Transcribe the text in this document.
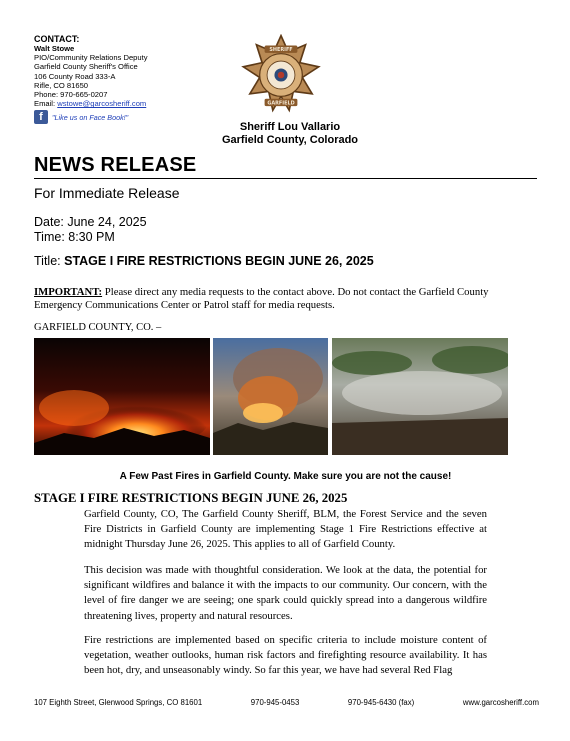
CONTACT:
Walt Stowe
PIO/Community Relations Deputy
Garfield County Sheriff's Office
106 County Road 333-A
Rifle, CO 81650
Phone: 970-665-0207
Email: wstowe@garcosheriff.com
f	"Like us on Face Book!"
SHERIFF
GARFIELD
Sheriff Lou Vallario
Garfield County, Colorado
NEWS RELEASE
For Immediate Release
Date: June 24, 2025
Time: 8:30 PM
Title: STAGE I FIRE RESTRICTIONS BEGIN JUNE 26, 2025
IMPORTANT: Please direct any media requests to the contact above. Do not contact the Garfield County Emergency Communications Center or Patrol staff for media requests.
GARFIELD COUNTY, CO. –
A Few Past Fires in Garfield County. Make sure you are not the cause!
STAGE I FIRE RESTRICTIONS BEGIN JUNE 26, 2025
Garfield County, CO, The Garfield County Sheriff, BLM, the Forest Service and the seven Fire Districts in Garfield County are implementing Stage 1 Fire Restrictions effective at midnight Thursday June 26, 2025. This applies to all of Garfield County.
This decision was made with thoughtful consideration. We look at the data, the potential for significant wildfires and balance it with the impacts to our community. Our concern, with the level of fire danger we are seeing; one spark could quickly spread into a dangerous wildfire threatening lives, property and natural resources.
Fire restrictions are implemented based on specific criteria to include moisture content of vegetation, weather outlooks, human risk factors and firefighting resource availability. It has been hot, dry, and unseasonably windy. So far this year, we have had several Red Flag
107 Eighth Street, Glenwood Springs, CO 81601	970-945-0453	970-945-6430 (fax)	www.garcosheriff.com
